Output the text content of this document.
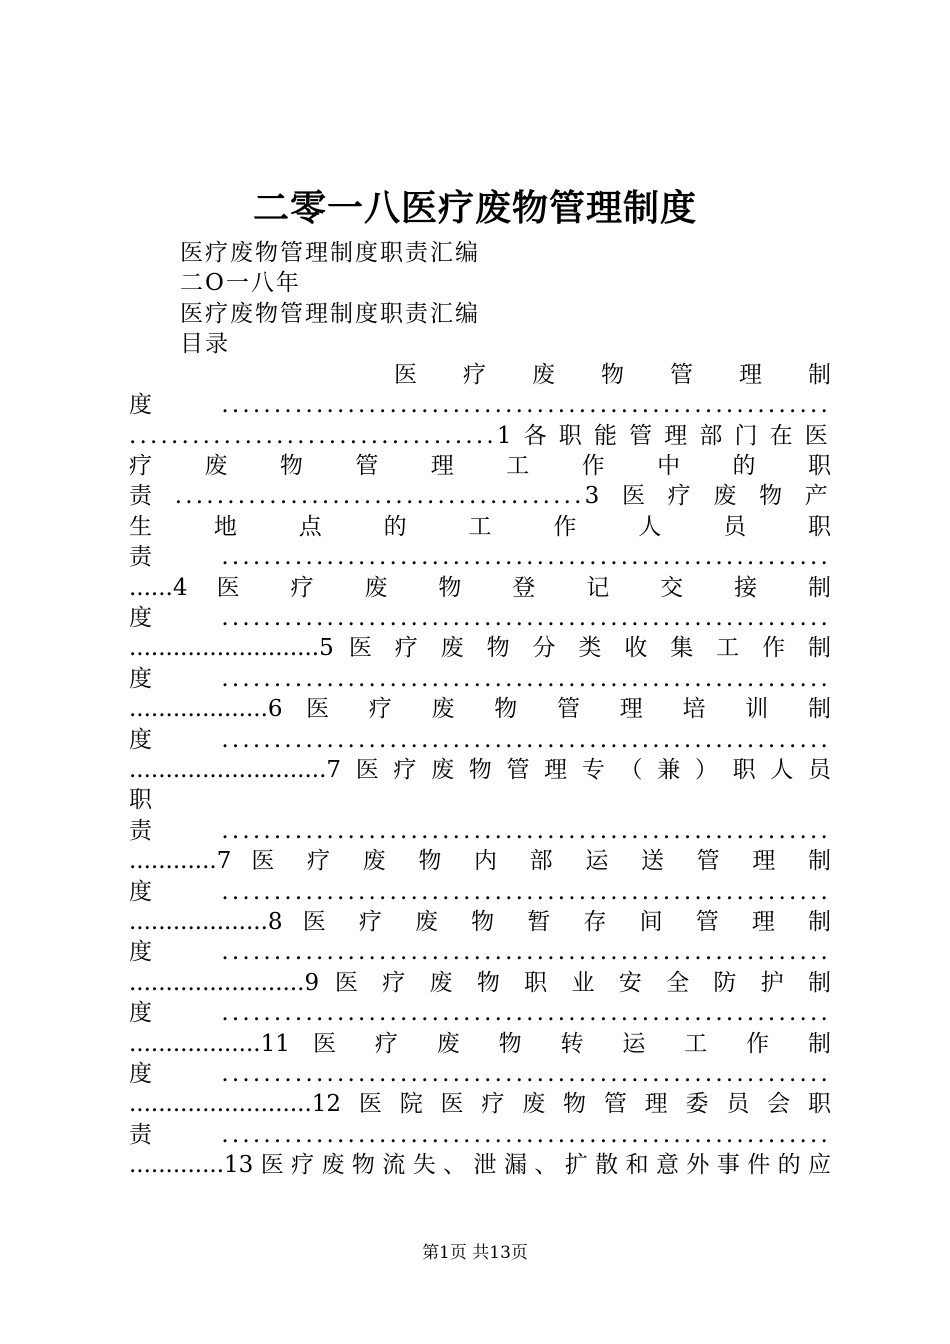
二零一八医疗废物管理制度
医疗废物管理制度职责汇编
二O一八年
医疗废物管理制度职责汇编
目录
医 疗 废 物 管 理 制
度..........................................................
...................................1各职能管理部门在医
疗 废 物 管 理 工 作 中 的 职
责.......................................3医疗废物产
生 地 点 的 工 作 人 员 职
责..........................................................
......4 医 疗 废 物 登 记 交 接 制
度..........................................................
..........................5 医 疗 废 物 分 类 收 集 工 作 制
度..........................................................
...................6 医 疗 废 物 管 理 培 训 制
度..........................................................
...........................7医疗废物管理专（兼）职人员
职
责..........................................................
............7 医 疗 废 物 内 部 运 送 管 理 制
度..........................................................
...................8 医 疗 废 物 暂 存 间 管 理 制
度..........................................................
........................9 医 疗 废 物 职 业 安 全 防 护 制
度..........................................................
..................11 医 疗 废 物 转 运 工 作 制
度..........................................................
.........................12医院医疗废物管理委员会职
责..........................................................
.............13医疗废物流失、泄漏、扩散和意外事件的应
第1页 共13页
